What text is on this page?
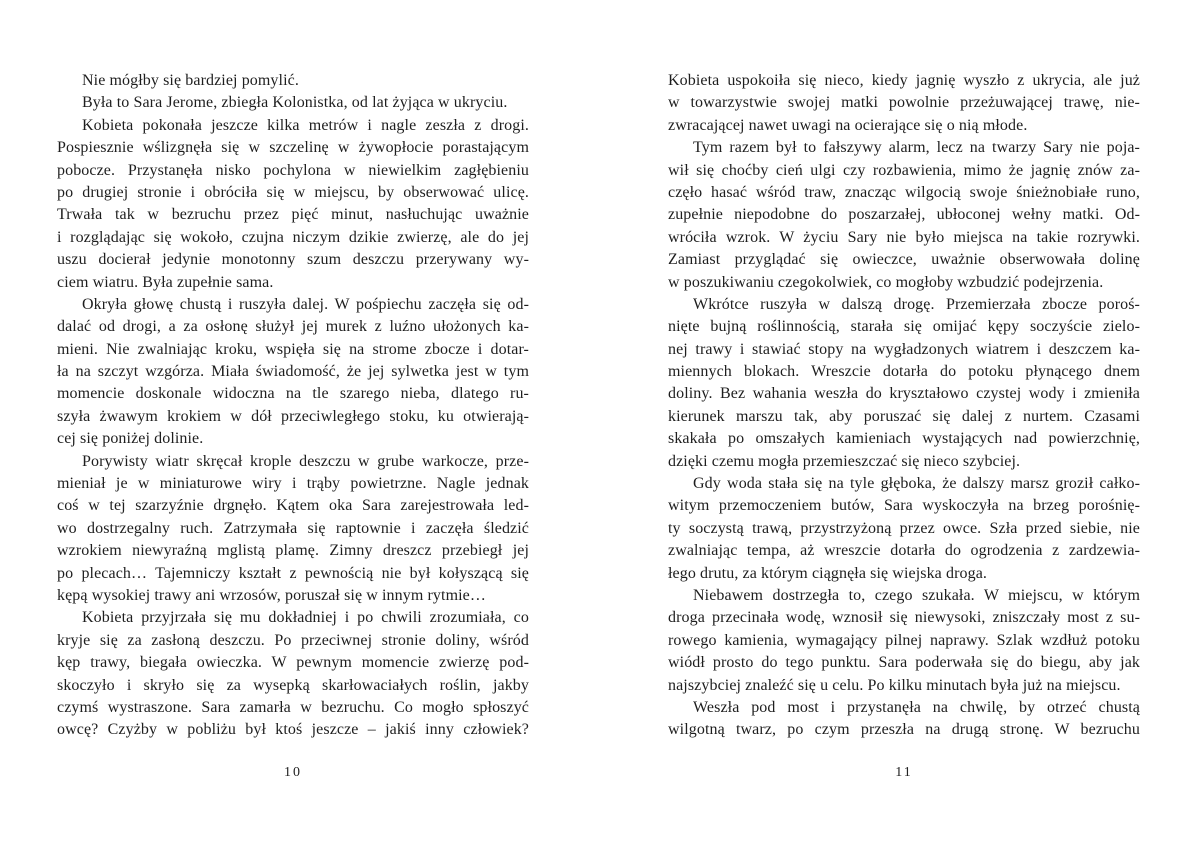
Nie mógłby się bardziej pomylić.
Była to Sara Jerome, zbiegła Kolonistka, od lat żyjąca w ukryciu.
Kobieta pokonała jeszcze kilka metrów i nagle zeszła z drogi.
Pospiesznie wślizgnęła się w szczelinę w żywopłocie porastającym
pobocze. Przystanęła nisko pochylona w niewielkim zagłębieniu
po drugiej stronie i obróciła się w miejscu, by obserwować ulicę.
Trwała tak w bezruchu przez pięć minut, nasłuchując uważnie
i rozglądając się wokoło, czujna niczym dzikie zwierzę, ale do jej
uszu docierał jedynie monotonny szum deszczu przerywany wy-
ciem wiatru. Była zupełnie sama.
Okryła głowę chustą i ruszyła dalej. W pośpiechu zaczęła się od-
dalać od drogi, a za osłonę służył jej murek z luźno ułożonych ka-
mieni. Nie zwalniając kroku, wspięła się na strome zbocze i dotar-
ła na szczyt wzgórza. Miała świadomość, że jej sylwetka jest w tym
momencie doskonale widoczna na tle szarego nieba, dlatego ru-
szyła żwawym krokiem w dół przeciwległego stoku, ku otwierają-
cej się poniżej dolinie.
Porywisty wiatr skręcał krople deszczu w grube warkocze, prze-
mieniał je w miniaturowe wiry i trąby powietrzne. Nagle jednak
coś w tej szarzyźnie drgnęło. Kątem oka Sara zarejestrowała led-
wo dostrzegalny ruch. Zatrzymała się raptownie i zaczęła śledzić
wzrokiem niewyraźną mglistą plamę. Zimny dreszcz przebiegł jej
po plecach… Tajemniczy kształt z pewnością nie był kołyszącą się
kępą wysokiej trawy ani wrzosów, poruszał się w innym rytmie…
Kobieta przyjrzała się mu dokładniej i po chwili zrozumiała, co
kryje się za zasłoną deszczu. Po przeciwnej stronie doliny, wśród
kęp trawy, biegała owieczka. W pewnym momencie zwierzę pod-
skoczyło i skryło się za wysepką skarłowaciałych roślin, jakby
czymś wystraszone. Sara zamarła w bezruchu. Co mogło spłoszyć
owcę? Czyżby w pobliżu był ktoś jeszcze – jakiś inny człowiek?
10
Kobieta uspokoiła się nieco, kiedy jagnię wyszło z ukrycia, ale już
w towarzystwie swojej matki powolnie przeżuwającej trawę, nie-
zwracającej nawet uwagi na ocierające się o nią młode.
Tym razem był to fałszywy alarm, lecz na twarzy Sary nie poja-
wił się choćby cień ulgi czy rozbawienia, mimo że jagnię znów za-
częło hasać wśród traw, znacząc wilgocią swoje śnieżnobiałe runo,
zupełnie niepodobne do poszarzałej, ubłoconej wełny matki. Od-
wróciła wzrok. W życiu Sary nie było miejsca na takie rozrywki.
Zamiast przyglądać się owieczce, uważnie obserwowała dolinę
w poszukiwaniu czegokolwiek, co mogłoby wzbudzić podejrzenia.
Wkrótce ruszyła w dalszą drogę. Przemierzała zbocze poroś-
nięte bujną roślinnością, starała się omijać kępy soczyście zielo-
nej trawy i stawiać stopy na wygładzonych wiatrem i deszczem ka-
miennych blokach. Wreszcie dotarła do potoku płynącego dnem
doliny. Bez wahania weszła do kryształowo czystej wody i zmieniła
kierunek marszu tak, aby poruszać się dalej z nurtem. Czasami
skakała po omszałych kamieniach wystających nad powierzchnię,
dzięki czemu mogła przemieszczać się nieco szybciej.
Gdy woda stała się na tyle głęboka, że dalszy marsz groził całko-
witym przemoczeniem butów, Sara wyskoczyła na brzeg porośnię-
ty soczystą trawą, przystrzyżoną przez owce. Szła przed siebie, nie
zwalniając tempa, aż wreszcie dotarła do ogrodzenia z zardzewia-
łego drutu, za którym ciągnęła się wiejska droga.
Niebawem dostrzegła to, czego szukała. W miejscu, w którym
droga przecinała wodę, wznosił się niewysoki, zniszczały most z su-
rowego kamienia, wymagający pilnej naprawy. Szlak wzdłuż potoku
wiódł prosto do tego punktu. Sara poderwała się do biegu, aby jak
najszybciej znaleźć się u celu. Po kilku minutach była już na miejscu.
Weszła pod most i przystanęła na chwilę, by otrzeć chustą
wilgotną twarz, po czym przeszła na drugą stronę. W bezruchu
11
